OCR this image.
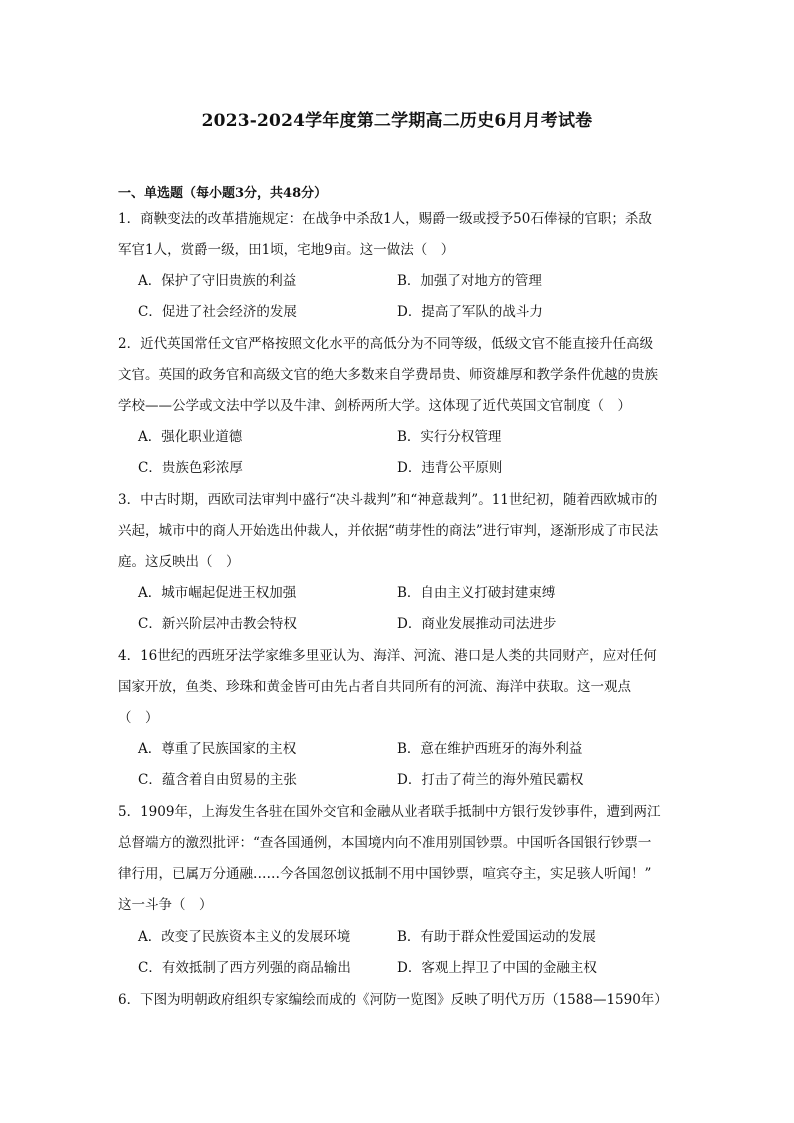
2023-2024学年度第二学期高二历史6月月考试卷
一、单选题（每小题3分，共48分）
1．商鞅变法的改革措施规定：在战争中杀敌1人，赐爵一级或授予50石俸禄的官职；杀敌
军官1人，赏爵一级，田1顷，宅地9亩。这一做法（　）
A．保护了守旧贵族的利益	B．加强了对地方的管理
C．促进了社会经济的发展	D．提高了军队的战斗力
2．近代英国常任文官严格按照文化水平的高低分为不同等级，低级文官不能直接升任高级
文官。英国的政务官和高级文官的绝大多数来自学费昂贵、师资雄厚和教学条件优越的贵族
学校——公学或文法中学以及牛津、剑桥两所大学。这体现了近代英国文官制度（　）
A．强化职业道德	B．实行分权管理
C．贵族色彩浓厚	D．违背公平原则
3．中古时期，西欧司法审判中盛行“决斗裁判”和“神意裁判”。11世纪初，随着西欧城市的
兴起，城市中的商人开始选出仲裁人，并依据“萌芽性的商法”进行审判，逐渐形成了市民法
庭。这反映出（　）
A．城市崛起促进王权加强	B．自由主义打破封建束缚
C．新兴阶层冲击教会特权	D．商业发展推动司法进步
4．16世纪的西班牙法学家维多里亚认为、海洋、河流、港口是人类的共同财产，应对任何
国家开放，鱼类、珍珠和黄金皆可由先占者自共同所有的河流、海洋中获取。这一观点
（　）
A．尊重了民族国家的主权	B．意在维护西班牙的海外利益
C．蕴含着自由贸易的主张	D．打击了荷兰的海外殖民霸权
5．1909年，上海发生各驻在国外交官和金融从业者联手抵制中方银行发钞事件，遭到两江
总督端方的激烈批评：“查各国通例，本国境内向不准用别国钞票。中国听各国银行钞票一
律行用，已属万分通融……今各国忽创议抵制不用中国钞票，喧宾夺主，实足骇人听闻！”
这一斗争（　）
A．改变了民族资本主义的发展环境	B．有助于群众性爱国运动的发展
C．有效抵制了西方列强的商品输出	D．客观上捍卫了中国的金融主权
6．下图为明朝政府组织专家编绘而成的《河防一览图》反映了明代万历（1588—1590年）
